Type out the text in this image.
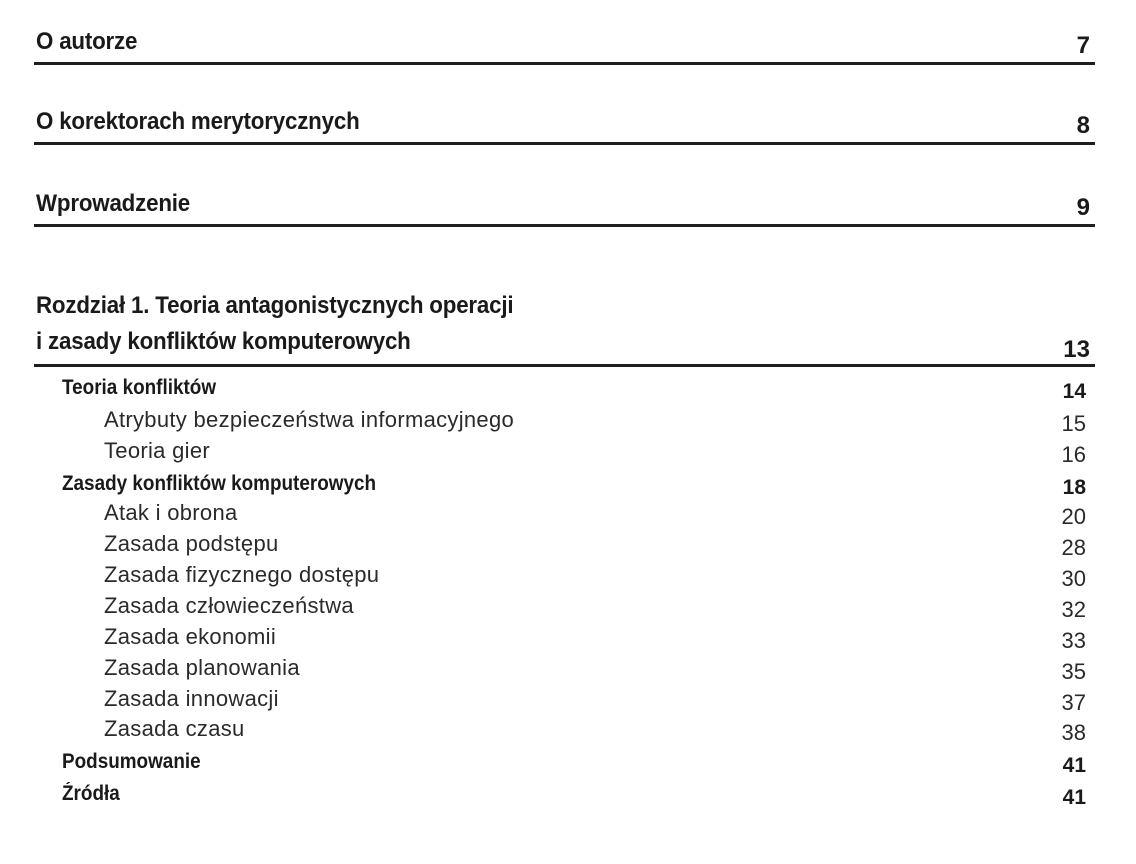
O autorze	7
O korektorach merytorycznych	8
Wprowadzenie	9
Rozdział 1. Teoria antagonistycznych operacji
i zasady konfliktów komputerowych	13
Teoria konfliktów	14
Atrybuty bezpieczeństwa informacyjnego	15
Teoria gier	16
Zasady konfliktów komputerowych	18
Atak i obrona	20
Zasada podstępu	28
Zasada fizycznego dostępu	30
Zasada człowieczeństwa	32
Zasada ekonomii	33
Zasada planowania	35
Zasada innowacji	37
Zasada czasu	38
Podsumowanie	41
Źródła	41
